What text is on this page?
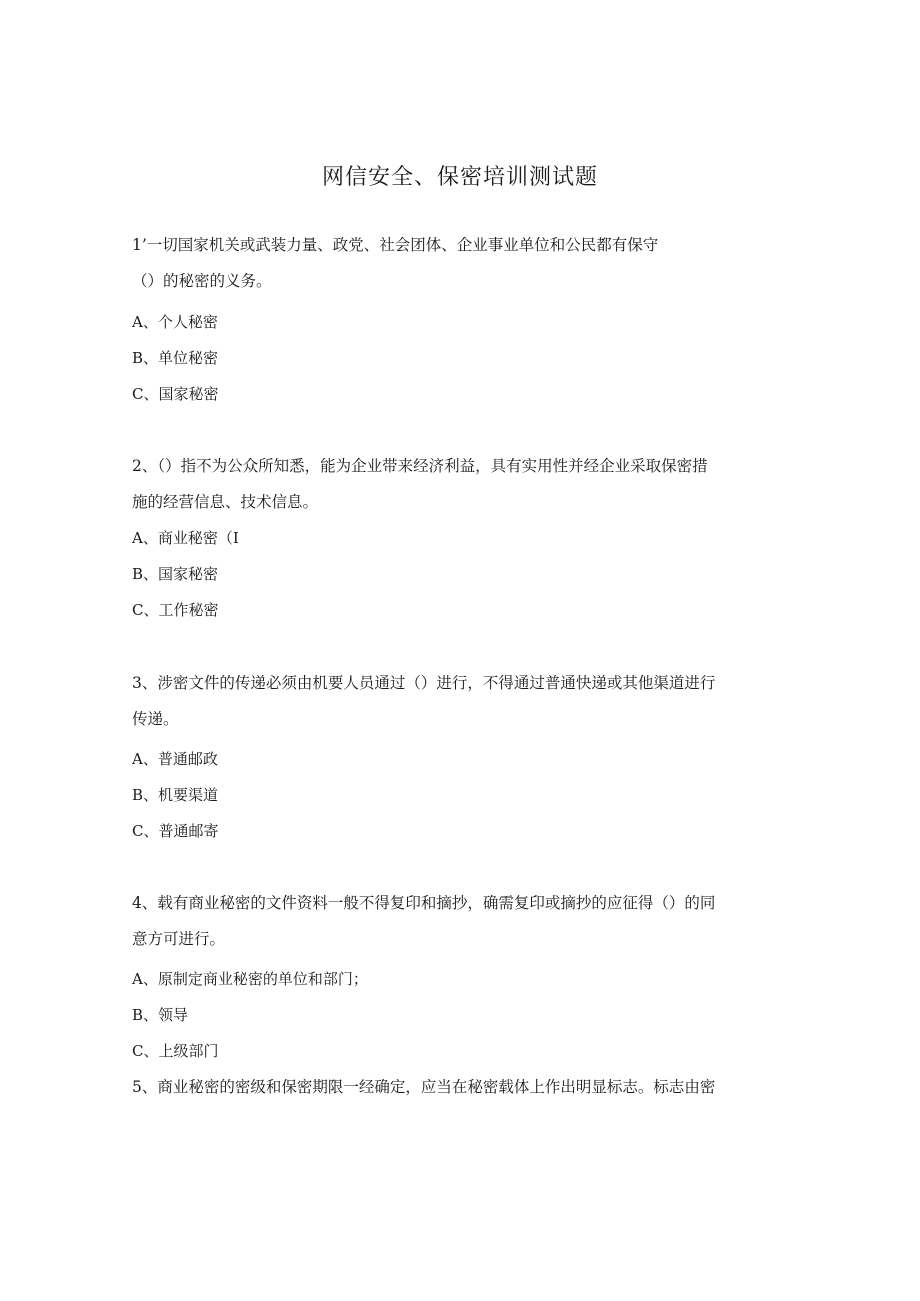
网信安全、保密培训测试题
1’一切国家机关或武装力量、政党、社会团体、企业事业单位和公民都有保守
（）的秘密的义务。
A、个人秘密
B、单位秘密
C、国家秘密
2、（）指不为公众所知悉，能为企业带来经济利益，具有实用性并经企业采取保密措
施的经营信息、技术信息。
A、商业秘密（I
B、国家秘密
C、工作秘密
3、涉密文件的传递必须由机要人员通过（）进行，不得通过普通快递或其他渠道进行
传递。
A、普通邮政
B、机要渠道
C、普通邮寄
4、载有商业秘密的文件资料一般不得复印和摘抄，确需复印或摘抄的应征得（）的同
意方可进行。
A、原制定商业秘密的单位和部门；
B、领导
C、上级部门
5、商业秘密的密级和保密期限一经确定，应当在秘密载体上作出明显标志。标志由密
